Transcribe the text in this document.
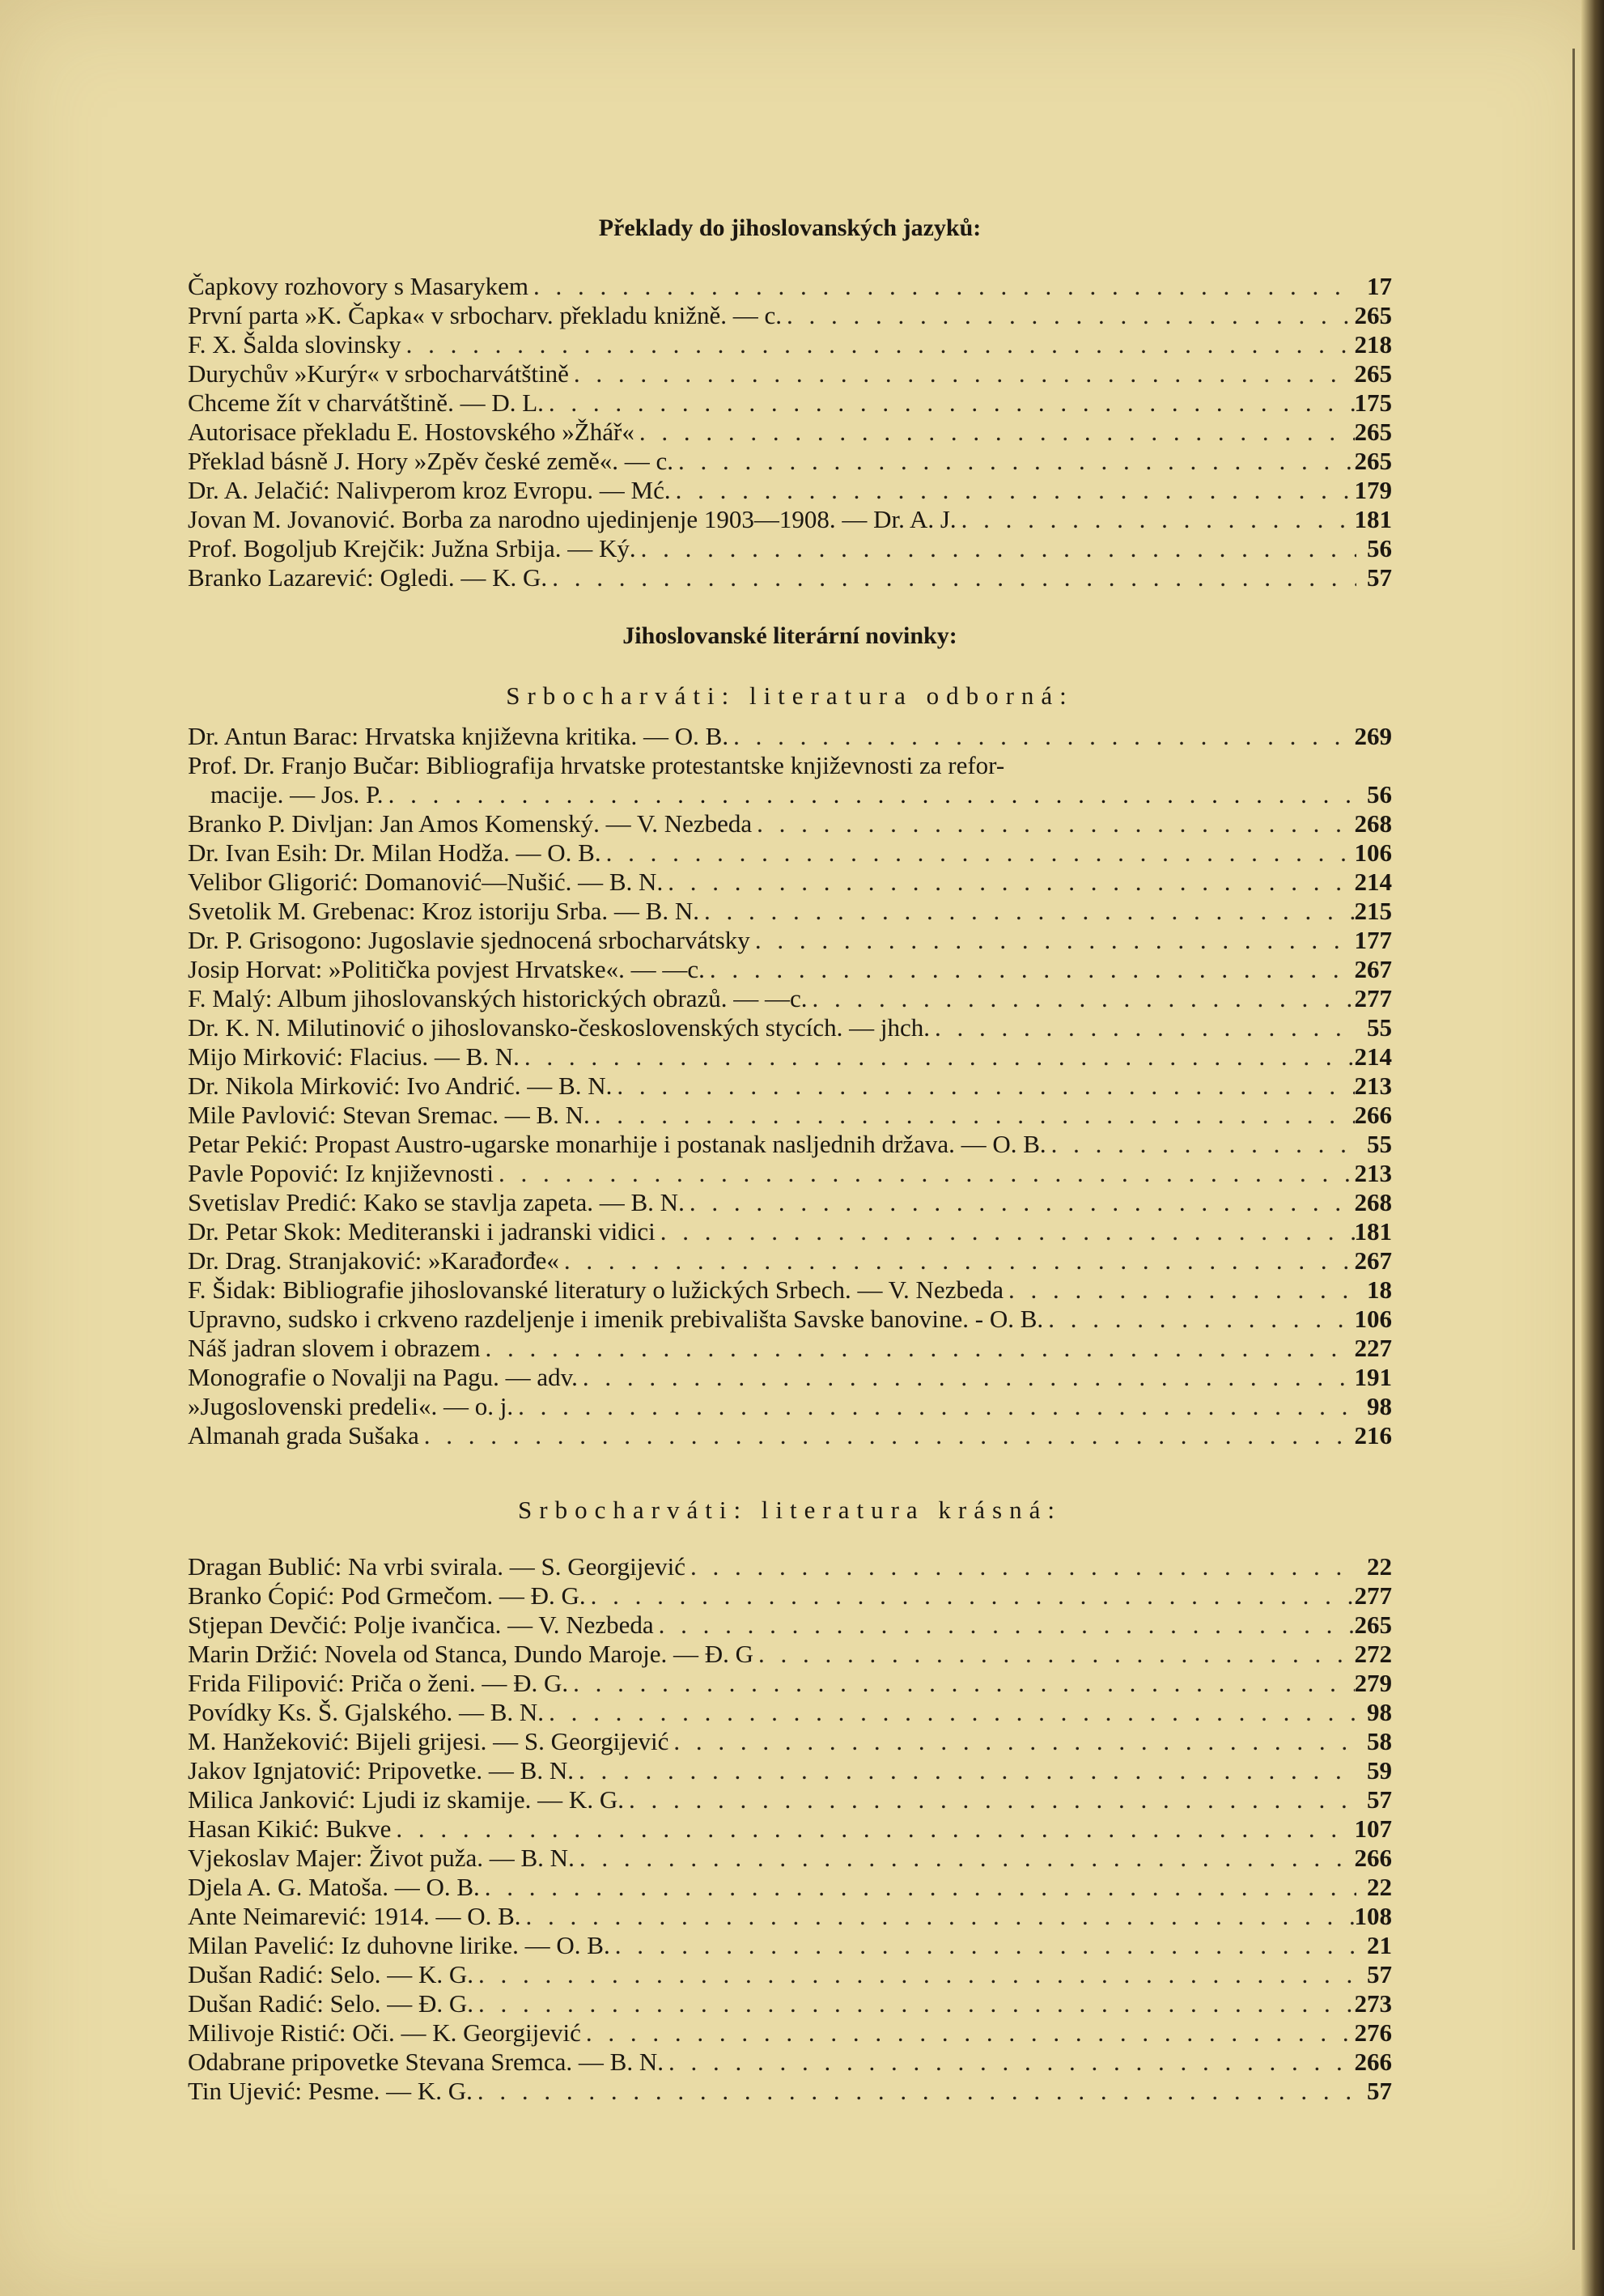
Překlady do jihoslovanských jazyků:
Čapkovy rozhovory s Masarykem . . .	17
První parta »K. Čapka« v srbocharv. překladu knižně. — c. . . .	265
F. X. Šalda slovinsky . . .	218
Durychův »Kurýr« v srbocharvátštině . . .	265
Chceme žít v charvátštině. — D. L. . . .	175
Autorisace překladu E. Hostovského »Žhář« . . .	265
Překlad básně J. Hory »Zpěv české země«. — c. . . .	265
Dr. A. Jelačić: Nalivperom kroz Evropu. — Mć. . . .	179
Jovan M. Jovanović. Borba za narodno ujedinjenje 1903—1908. — Dr. A. J. . . .	181
Prof. Bogoljub Krejčik: Južna Srbija. — Ký. . . .	56
Branko Lazarević: Ogledi. — K. G. . . .	57
Jihoslovanské literární novinky:
Srbocharváti: literatura odborná:
Dr. Antun Barac: Hrvatska književna kritika. — O. B. . . .	269
Prof. Dr. Franjo Bučar: Bibliografija hrvatske protestantske književnosti za refor-
macije. — Jos. P. . . .	56
Branko P. Divljan: Jan Amos Komenský. — V. Nezbeda . . .	268
Dr. Ivan Esih: Dr. Milan Hodža. — O. B. . . .	106
Velibor Gligorić: Domanović—Nušić. — B. N. . . .	214
Svetolik M. Grebenac: Kroz istoriju Srba. — B. N. . . .	215
Dr. P. Grisogono: Jugoslavie sjednocená srbocharvátsky . . .	177
Josip Horvat: »Politička povjest Hrvatske«. — —c. . . .	267
F. Malý: Album jihoslovanských historických obrazů. — —c. . . .	277
Dr. K. N. Milutinović o jihoslovansko-československých stycích. — jhch. . . .	55
Mijo Mirković: Flacius. — B. N. . . .	214
Dr. Nikola Mirković: Ivo Andrić. — B. N. . . .	213
Mile Pavlović: Stevan Sremac. — B. N. . . .	266
Petar Pekić: Propast Austro-ugarske monarhije i postanak nasljednih država. — O. B. . . .	55
Pavle Popović: Iz književnosti . . .	213
Svetislav Predić: Kako se stavlja zapeta. — B. N. . . .	268
Dr. Petar Skok: Mediteranski i jadranski vidici . . .	181
Dr. Drag. Stranjaković: »Karađorđe« . . .	267
F. Šidak: Bibliografie jihoslovanské literatury o lužických Srbech. — V. Nezbeda . . .	18
Upravno, sudsko i crkveno razdeljenje i imenik prebivališta Savske banovine. - O. B. . . .	106
Náš jadran slovem i obrazem . . .	227
Monografie o Novalji na Pagu. — adv. . . .	191
»Jugoslovenski predeli«. — o. j. . . .	98
Almanah grada Sušaka . . .	216
Srbocharváti: literatura krásná:
Dragan Bublić: Na vrbi svirala. — S. Georgijević . . .	22
Branko Ćopić: Pod Grmečom. — Đ. G. . . .	277
Stjepan Devčić: Polje ivančica. — V. Nezbeda . . .	265
Marin Držić: Novela od Stanca, Dundo Maroje. — Đ. G . . .	272
Frida Filipović: Priča o ženi. — Đ. G. . . .	279
Povídky Ks. Š. Gjalského. — B. N. . . .	98
M. Hanžeković: Bijeli grijesi. — S. Georgijević . . .	58
Jakov Ignjatović: Pripovetke. — B. N. . . .	59
Milica Janković: Ljudi iz skamije. — K. G. . . .	57
Hasan Kikić: Bukve . . .	107
Vjekoslav Majer: Život puža. — B. N. . . .	266
Djela A. G. Matoša. — O. B. . . .	22
Ante Neimarević: 1914. — O. B. . . .	108
Milan Pavelić: Iz duhovne lirike. — O. B. . . .	21
Dušan Radić: Selo. — K. G. . . .	57
Dušan Radić: Selo. — Đ. G. . . .	273
Milivoje Ristić: Oči. — K. Georgijević . . .	276
Odabrane pripovetke Stevana Sremca. — B. N. . . .	266
Tin Ujević: Pesme. — K. G. . . .	57
